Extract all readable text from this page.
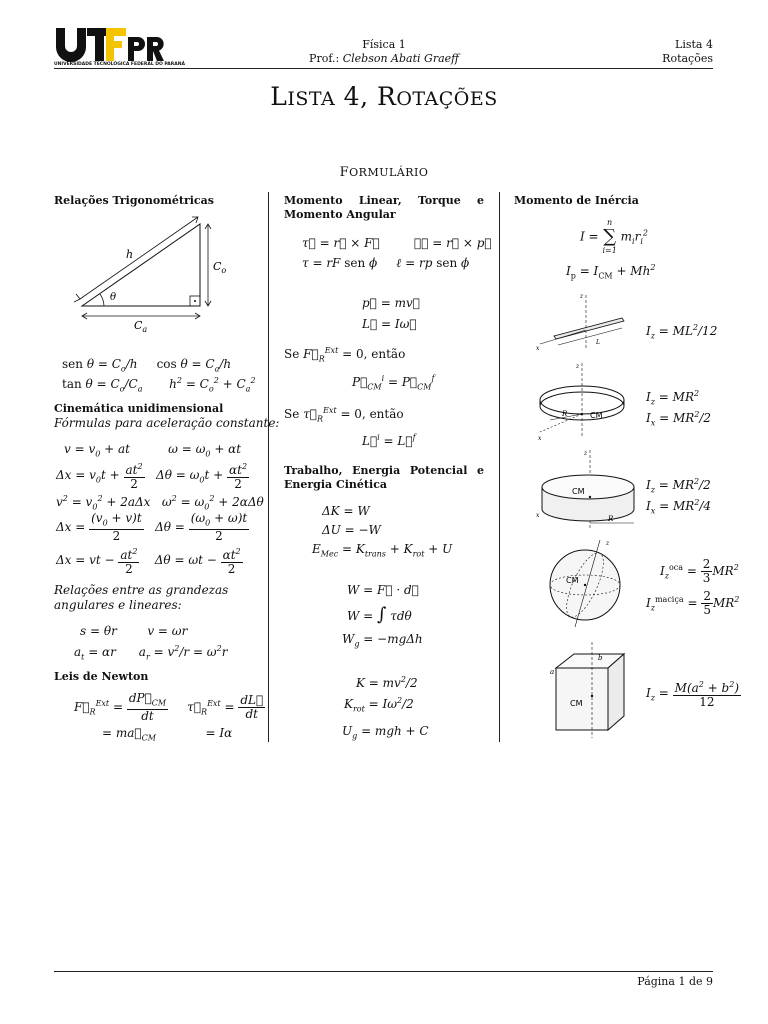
UNIVERSIDADE TECNOLÓGICA FEDERAL DO PARANÁ
Física 1
Prof.: Clebson Abati Graeff
Lista 4
Rotações
LISTA 4, ROTAÇÕES
FORMULÁRIO
Relações Trigonométricas
h
$C_o$
$C_a$
θ
sen $\theta = C_o/h$     $\cos \theta = C_a/h$
$\tan \theta = C_o/C_a$       $h^2 = C_o^2 + C_a^2$
Cinemática unidimensional
Fórmulas para aceleração constante:
$v = v_0$ + at          $\omega = \omega_0 + \alpha t$
$\Delta x = v_0t + \frac{at^2}{2}$ $\Delta\theta = \omega_0t + \frac{\alpha t^2}{2}$
$v^2 = v_0^2 + 2a\Delta x$   $\omega^2 = \omega_0^2 + 2\alpha\Delta\theta$
$\Delta x = \frac{(v_0 + v)t}{2}$ $\Delta\theta = \frac{(\omega_0 + \omega)t}{2}$
Δx = vt − $\frac{at^2}{2}$ $\Delta\theta = \omega t - \frac{\alpha t^2}{2}$
Relações entre as grandezas angulares e lineares:
s = θr        v = ωr
$a_t = \alpha r$      $a_r = v^2/r = \omega^2r$
Leis de Newton
$F⃗_R^{Ext} = \frac{dP⃗_{CM}}{dt}$ $\tau⃗_R^{Ext} = \frac{dL⃗}{dt}$
= $ma⃗_{CM}$             = Iα
Momento Linear, Torque e Momento Angular
τ⃗ = r⃗ × F⃗         ℓ⃗ = r⃗ × p⃗
τ = rF sen ϕ     ℓ = rp sen ϕ
p⃗ = mv⃗
L⃗ = Iω⃗
Se $F⃗_R^{Ext} = 0$, então
$P⃗_{CM}^i$ = $P⃗_{CM}^f$
Se $\tau⃗_R^{Ext} = 0$, então
L⃗$^i$ = L⃗$^f$
Trabalho, Energia Potencial e Energia Cinética
ΔK = W
ΔU = −W
$E_{Mec} = K_{trans} + K_{rot} + U$
W = F⃗ · d⃗
W = ∫ τdθ
$W_g = -mg\Delta h$
$K = mv^2/2$
$K_{rot} = I\omega^2/2$
$U_g$ = mgh + C
Momento de Inércia
I =
n
∑
i=1
$m_ir_i^2$
$I_p = I_{CM} + Mh^2$
z
x
L
$I_z = ML^2/12$
R	CM
z
x
$I_z = MR^2$
$I_x = MR^2/2$
R
CM
z
x
$I_z = MR^2/2$
$I_x = MR^2/4$
CM
z
$I_z^{oca} = \frac{2}{3} MR^2$
$I_z^{maciça} = \frac{2}{5} MR^2$
CM
a
b
$I_z = \frac{M(a^2 + b^2)}{12}$
Página 1 de 9
